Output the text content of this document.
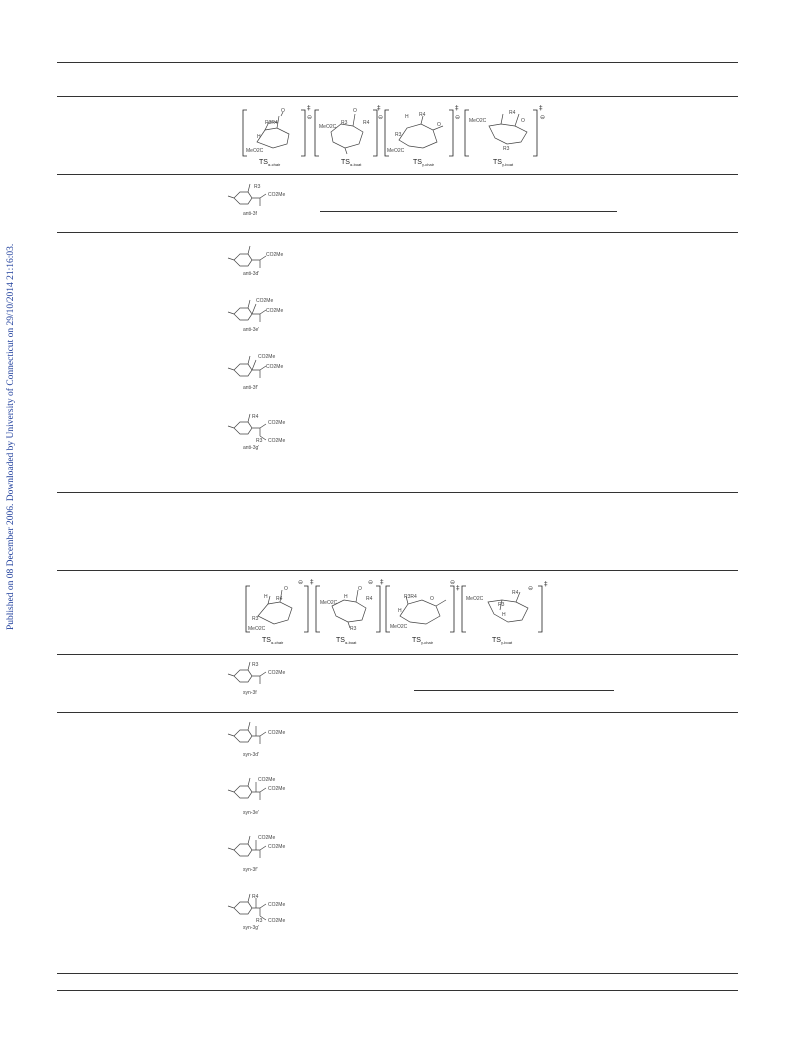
Published on 08 December 2006. Downloaded by University of Connecticut on 29/10/2014 21:16:03.
R3R4
O
H
MeO2C
$TS_{\alpha-chair}$
‡
⊖
MeO2C
R3	R4
O
$TS_{\alpha-boat}$
‡
⊖	H R4
O
R3
MeO2C
$TS_{\gamma-chair}$
‡
⊖ MeO2C
R4
O
R3
$TS_{\gamma-boat}$
‡
⊖
R3
CO2Me
anti-3f
CO2Me
anti-3d'
CO2Me
CO2Me
anti-3e'
CO2Me
CO2Me
anti-3f'
R4
CO2Me
R3 CO2Me
anti-3g'
R4
O
H
R3
MeO2C
$TS_{\alpha-chair}$
⊖ ‡
MeO2C
H	R4
O
R3
$TS_{\alpha-boat}$
⊖ ‡
R3R4	O
H
MeO2C
$TS_{\gamma-chair}$
⊖
‡
MeO2C
R3
R4
H
$TS_{\gamma-boat}$
⊖
‡
R3
CO2Me
syn-3f
CO2Me
syn-3d'
CO2Me
CO2Me
syn-3e'
CO2Me
CO2Me
syn-3f'
R4
CO2Me
R3 CO2Me
syn-3g'
